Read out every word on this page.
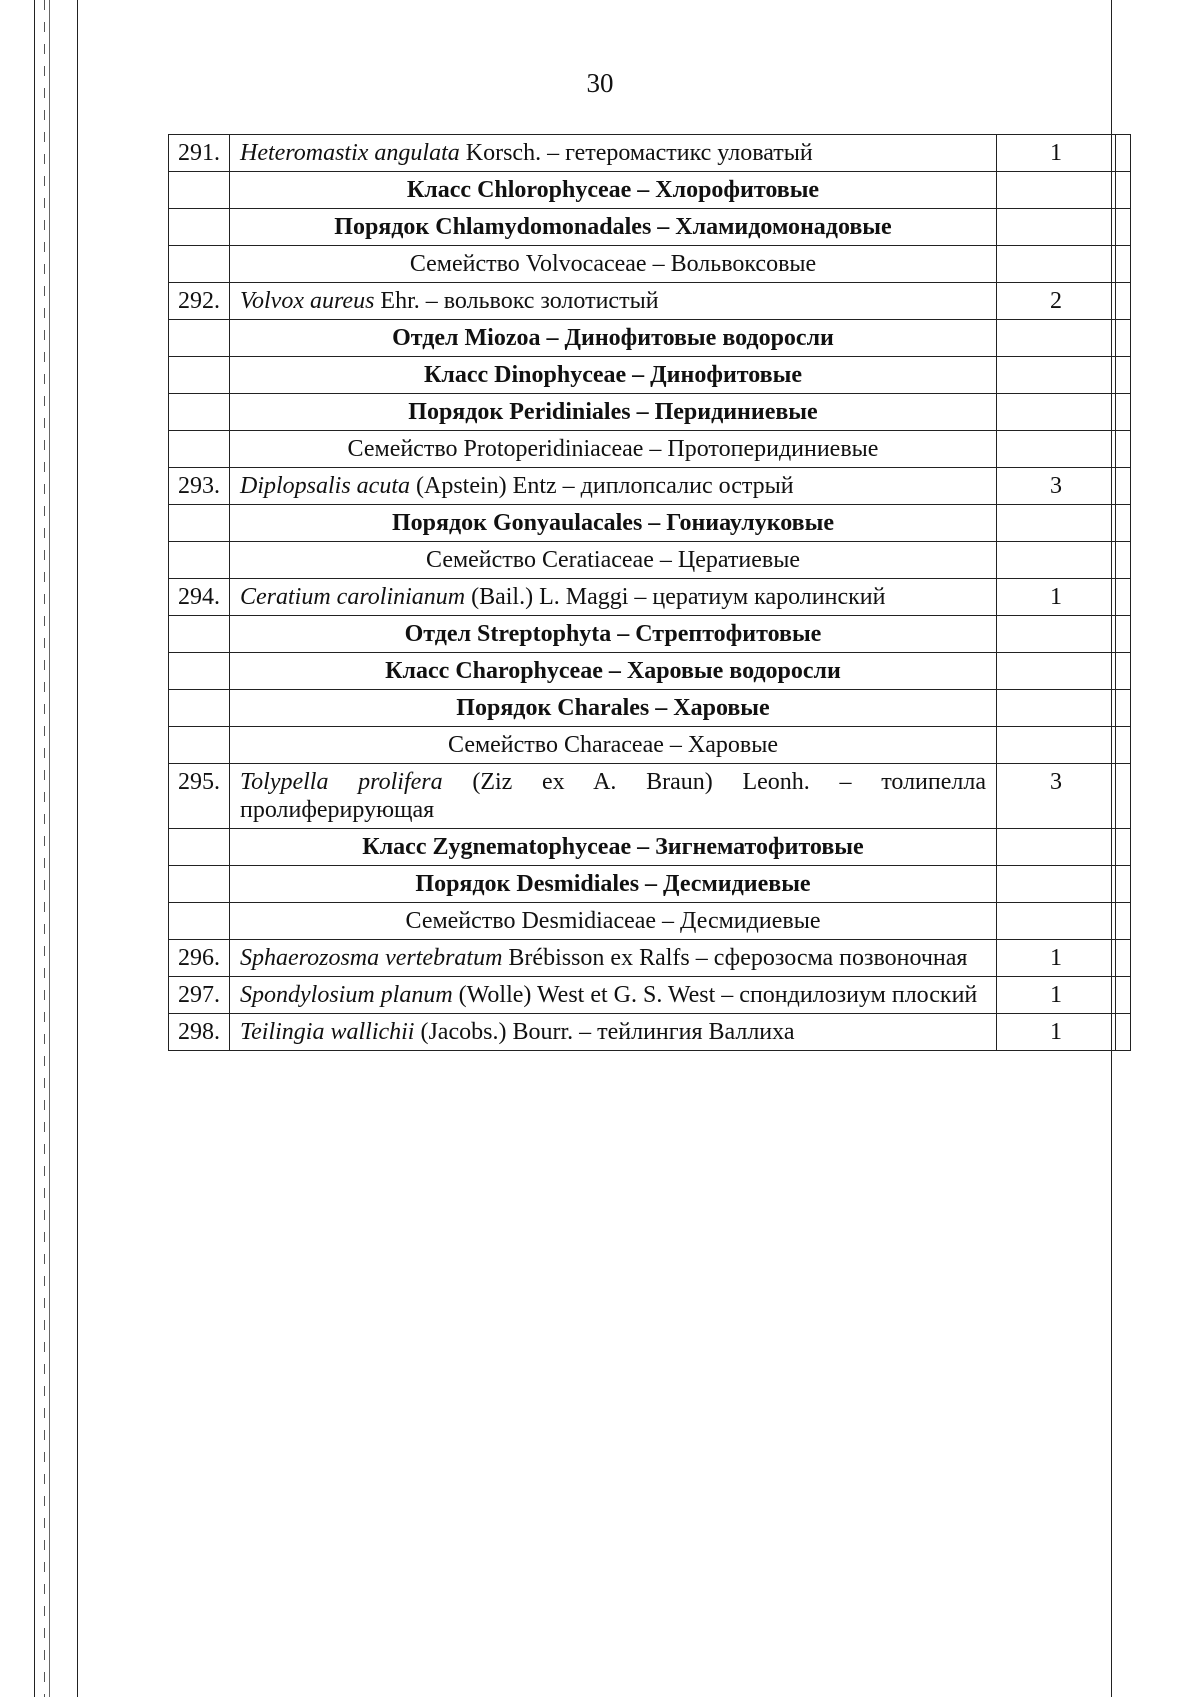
30
291.	Heteromastix angulata Korsch. – гетеромастикс уловатый	1	
	Класс Chlorophyceae – Хлорофитовые		
	Порядок Chlamydomonadales – Хламидомонадовые		
	Семейство Volvocaceae – Вольвоксовые		
292.	Volvox aureus Ehr. – вольвокс золотистый	2	
	Отдел Miozoa – Динофитовые водоросли		
	Класс Dinophyceae – Динофитовые		
	Порядок Peridiniales – Перидиниевые		
	Семейство Protoperidiniaceae – Протоперидиниевые		
293.	Diplopsalis acuta (Apstein) Entz – диплопсалис острый	3	
	Порядок Gonyaulacales – Гониаулуковые		
	Семейство Ceratiaceae – Цератиевые		
294.	Ceratium carolinianum (Bail.) L. Maggi – цератиум каролинский	1	
	Отдел Streptophyta – Стрептофитовые		
	Класс Charophyceae – Харовые водоросли		
	Порядок Charales – Харовые		
	Семейство Characeae – Харовые		
295.	Tolypella prolifera (Ziz ex A. Braun) Leonh. – толипелла пролиферирующая	3	
	Класс Zygnematophyceae – Зигнематофитовые		
	Порядок Desmidiales – Десмидиевые		
	Семейство Desmidiaceae – Десмидиевые		
296.	Sphaerozosma vertebratum Brébisson ex Ralfs – сферозосма позвоночная	1	
297.	Spondylosium planum (Wolle) West et G. S. West – спондилозиум плоский	1	
298.	Teilingia wallichii (Jacobs.) Bourr. – тейлингия Валлиха	1	
